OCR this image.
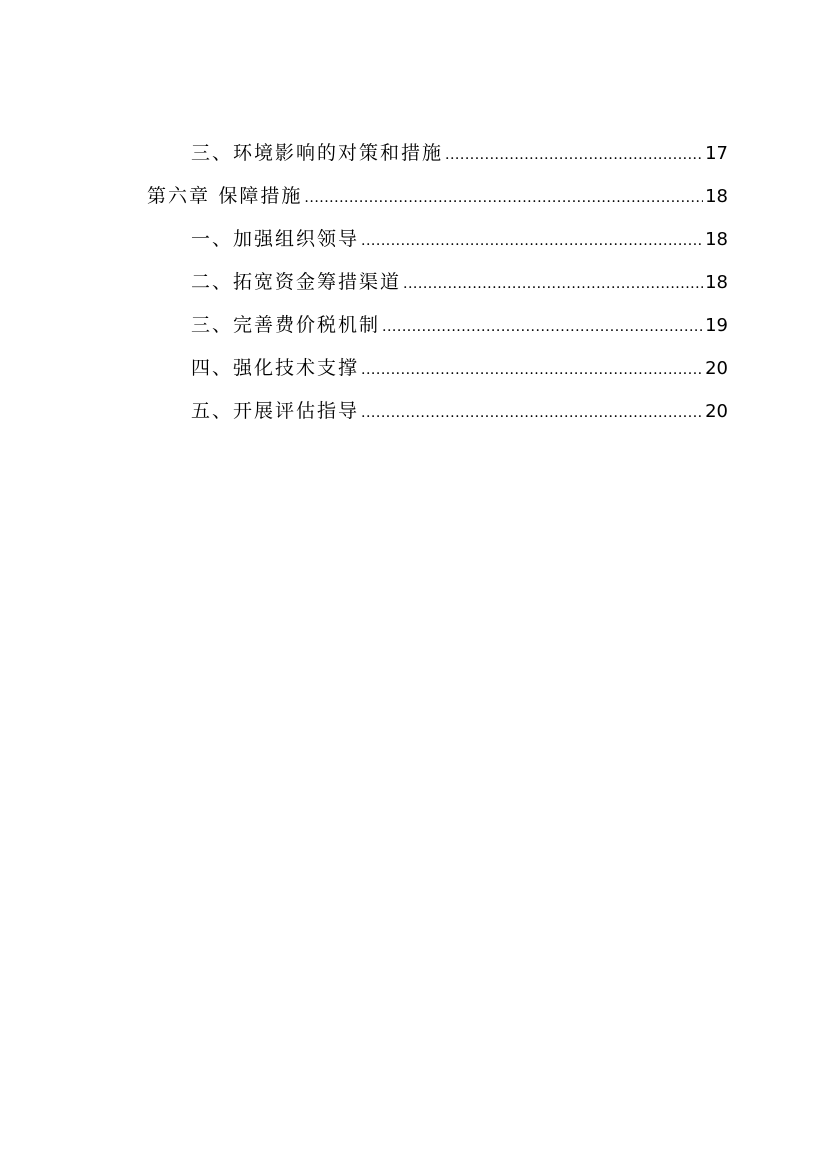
三、 环境影响的对策和措施 .....	17
第六章 保障措施 .....	18
一、 加强组织领导 .....	18
二、 拓宽资金筹措渠道 .....	18
三、 完善费价税机制 .....	19
四、 强化技术支撑 .....	20
五、 开展评估指导 .....	20
